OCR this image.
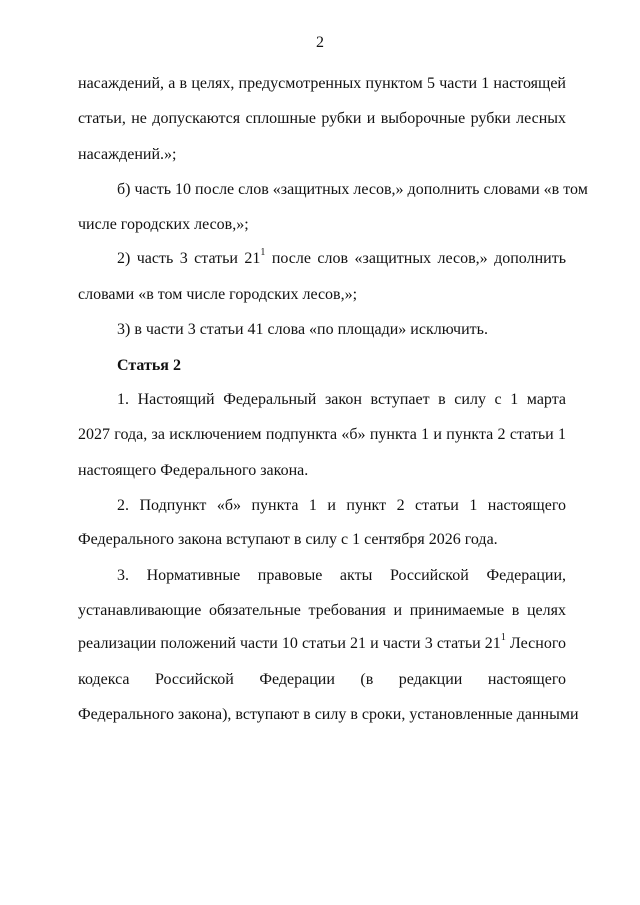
2
насаждений, а в целях, предусмотренных пунктом 5 части 1 настоящей
статьи, не допускаются сплошные рубки и выборочные рубки лесных
насаждений.»;
б) часть 10 после слов «защитных лесов,» дополнить словами «в том
числе городских лесов,»;
2) часть 3 статьи $21^1$ после слов «защитных лесов,» дополнить
словами «в том числе городских лесов,»;
3) в части 3 статьи 41 слова «по площади» исключить.
Статья 2
1. Настоящий Федеральный закон вступает в силу с 1 марта
2027 года, за исключением подпункта «б» пункта 1 и пункта 2 статьи 1
настоящего Федерального закона.
2. Подпункт «б» пункта 1 и пункт 2 статьи 1 настоящего
Федерального закона вступают в силу с 1 сентября 2026 года.
3. Нормативные правовые акты Российской Федерации,
устанавливающие обязательные требования и принимаемые в целях
реализации положений части 10 статьи 21 и части 3 статьи $21^1$ Лесного
кодекса Российской Федерации (в редакции настоящего
Федерального закона), вступают в силу в сроки, установленные данными
